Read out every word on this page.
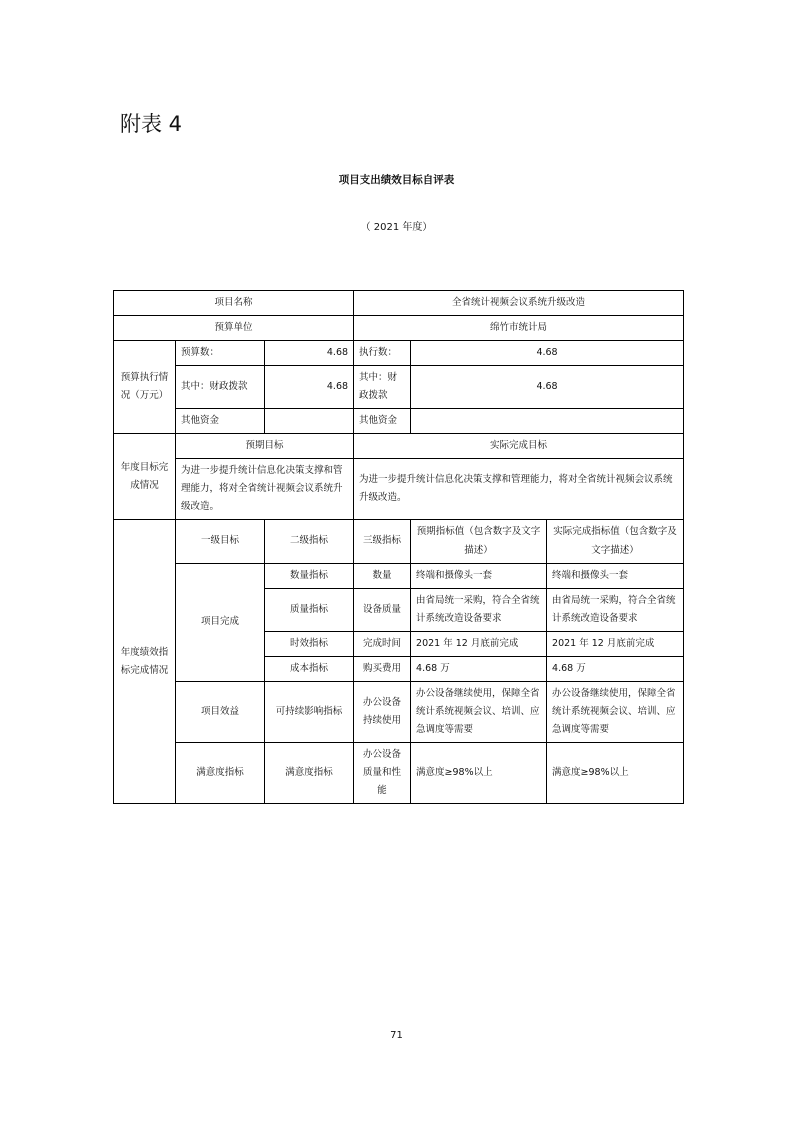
附表 4
项目支出绩效目标自评表
（ 2021 年度）
项目名称			全省统计视频会议系统升级改造		
预算单位			绵竹市统计局		
预算执行情况（万元）	预算数：	4.68	执行数：	4.68	
	其中：财政拨款	4.68	其中：财政拨款	4.68	
	其他资金		其他资金		
年度目标完成情况	预期目标		实际完成目标		
	为进一步提升统计信息化决策支撑和管理能力，将对全省统计视频会议系统升级改造。		为进一步提升统计信息化决策支撑和管理能力，将对全省统计视频会议系统升级改造。		
年度绩效指标完成情况	一级目标	二级指标	三级指标	预期指标值（包含数字及文字描述）	实际完成指标值（包含数字及文字描述）
	项目完成	数量指标	数量	终端和摄像头一套	终端和摄像头一套
		质量指标	设备质量	由省局统一采购，符合全省统计系统改造设备要求	由省局统一采购，符合全省统计系统改造设备要求
		时效指标	完成时间	2021 年 12 月底前完成	2021 年 12 月底前完成
		成本指标	购买费用	4.68 万	4.68 万
	项目效益	可持续影响指标	办公设备持续使用	办公设备继续使用，保障全省统计系统视频会议、培训、应急调度等需要	办公设备继续使用，保障全省统计系统视频会议、培训、应急调度等需要
	满意度指标	满意度指标	办公设备质量和性能	满意度≥98%以上	满意度≥98%以上
71
